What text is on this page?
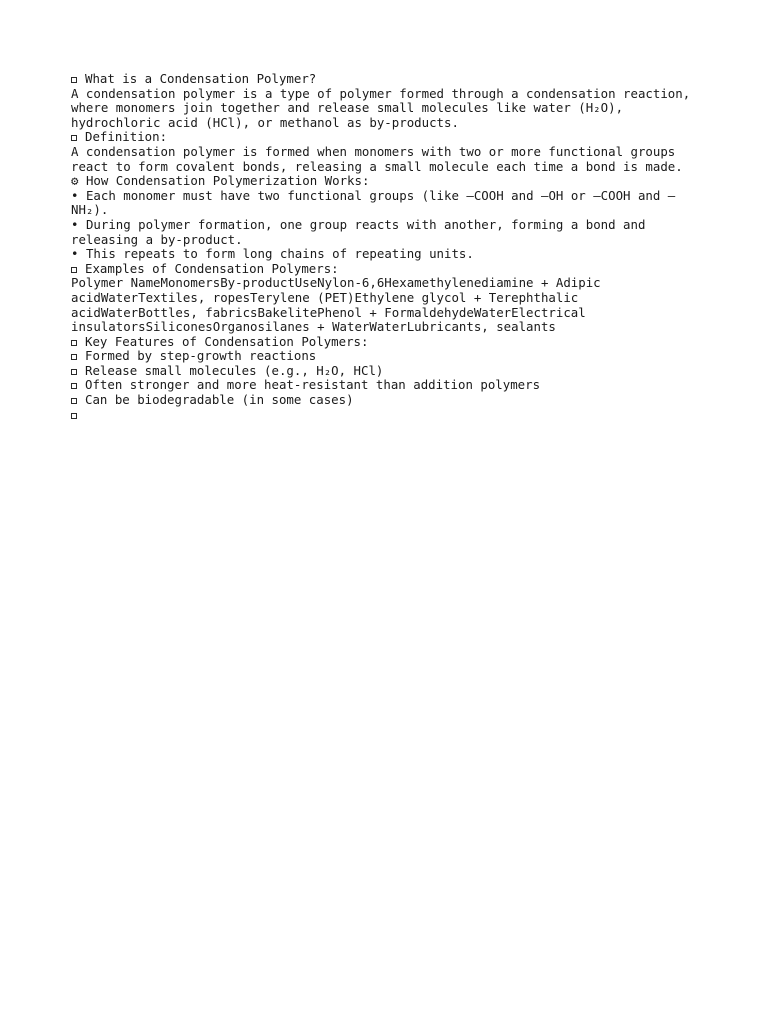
What is a Condensation Polymer?
A condensation polymer is a type of polymer formed through a condensation reaction, where monomers join together and release small molecules like water (H₂O), hydrochloric acid (HCl), or methanol as by-products.
Definition:
A condensation polymer is formed when monomers with two or more functional groups react to form covalent bonds, releasing a small molecule each time a bond is made.
⚙ How Condensation Polymerization Works:
• Each monomer must have two functional groups (like –COOH and –OH or –COOH and –NH₂).
• During polymer formation, one group reacts with another, forming a bond and releasing a by-product.
• This repeats to form long chains of repeating units.
Examples of Condensation Polymers:
Polymer NameMonomersBy-productUseNylon-6,6Hexamethylenediamine + Adipic acidWaterTextiles, ropesTerylene (PET)Ethylene glycol + Terephthalic acidWaterBottles, fabricsBakelitePhenol + FormaldehydeWaterElectrical insulatorsSiliconesOrganosilanes + WaterWaterLubricants, sealants
Key Features of Condensation Polymers:
Formed by step-growth reactions
Release small molecules (e.g., H₂O, HCl)
Often stronger and more heat-resistant than addition polymers
Can be biodegradable (in some cases)
